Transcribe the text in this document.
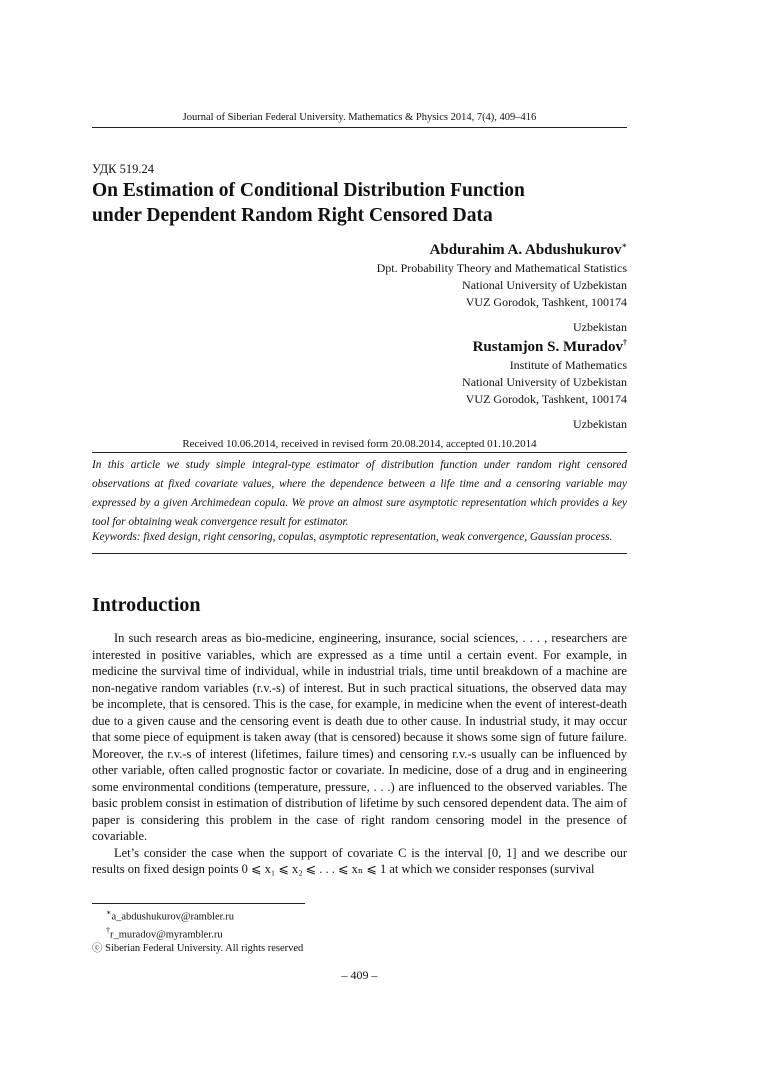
Journal of Siberian Federal University. Mathematics & Physics 2014, 7(4), 409–416
УДК 519.24
On Estimation of Conditional Distribution Function
under Dependent Random Right Censored Data
Abdurahim A. Abdushukurov∗
Dpt. Probability Theory and Mathematical Statistics
National University of Uzbekistan
VUZ Gorodok, Tashkent, 100174
Uzbekistan
Rustamjon S. Muradov†
Institute of Mathematics
National University of Uzbekistan
VUZ Gorodok, Tashkent, 100174
Uzbekistan
Received 10.06.2014, received in revised form 20.08.2014, accepted 01.10.2014
In this article we study simple integral-type estimator of distribution function under random right censored observations at fixed covariate values, where the dependence between a life time and a censoring variable may expressed by a given Archimedean copula. We prove an almost sure asymptotic representation which provides a key tool for obtaining weak convergence result for estimator.
Keywords: fixed design, right censoring, copulas, asymptotic representation, weak convergence, Gaussian process.
Introduction

In such research areas as bio-medicine, engineering, insurance, social sciences, . . . , researchers are interested in positive variables, which are expressed as a time until a certain event. For example, in medicine the survival time of individual, while in industrial trials, time until breakdown of a machine are non-negative random variables (r.v.-s) of interest. But in such practical situations, the observed data may be incomplete, that is censored. This is the case, for example, in medicine when the event of interest-death due to a given cause and the censoring event is death due to other cause. In industrial study, it may occur that some piece of equipment is taken away (that is censored) because it shows some sign of future failure. Moreover, the r.v.-s of interest (lifetimes, failure times) and censoring r.v.-s usually can be influenced by other variable, often called prognostic factor or covariate. In medicine, dose of a drug and in engineering some environmental conditions (temperature, pressure, . . .) are influenced to the observed variables. The basic problem consist in estimation of distribution of lifetime by such censored dependent data. The aim of paper is considering this problem in the case of right random censoring model in the presence of covariable.

Let’s consider the case when the support of covariate C is the interval [0, 1] and we describe our results on fixed design points 0 ⩽ x₁ ⩽ x₂ ⩽ . . . ⩽ xₙ ⩽ 1 at which we consider responses (survival

∗a_abdushukurov@rambler.ru
†r_muradov@myrambler.ru
ⓒ Siberian Federal University. All rights reserved
– 409 –
